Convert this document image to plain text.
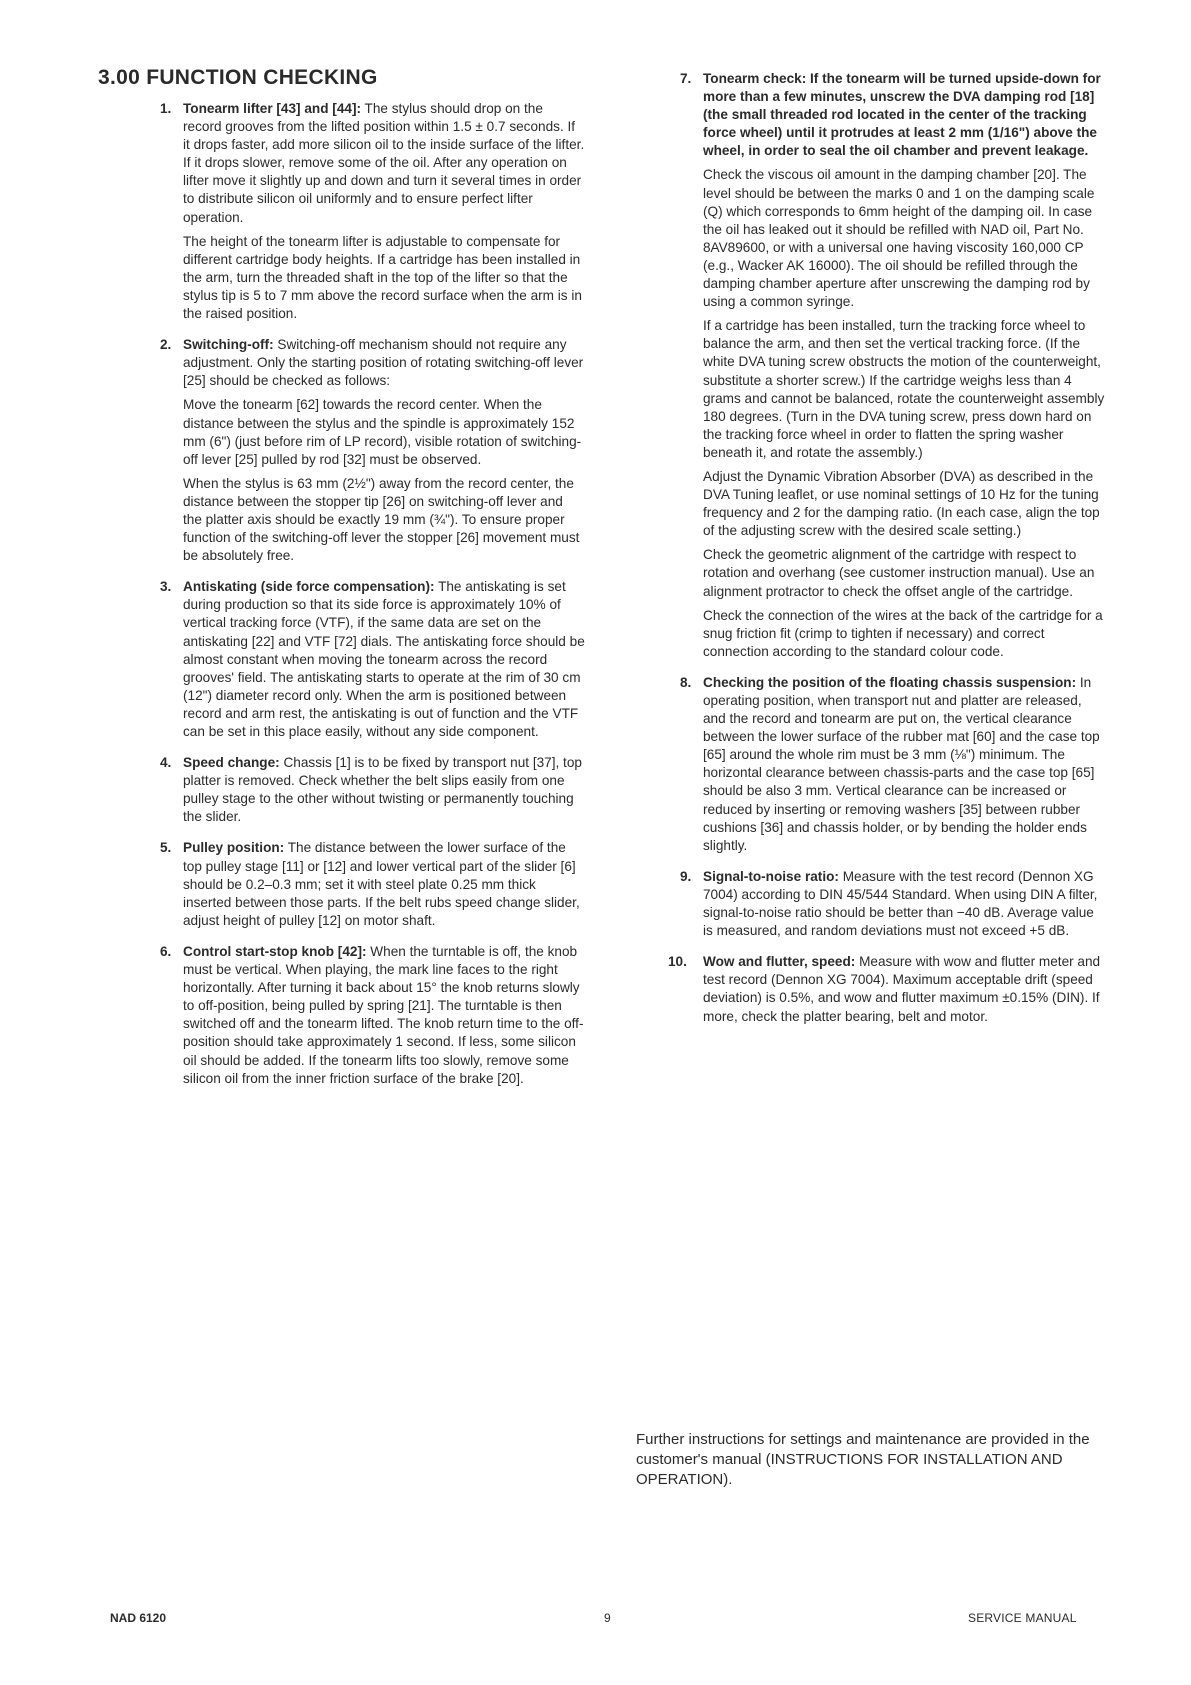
3.00 FUNCTION CHECKING
1. Tonearm lifter [43] and [44]: The stylus should drop on the record grooves from the lifted position within 1.5 ± 0.7 seconds. If it drops faster, add more silicon oil to the inside surface of the lifter. If it drops slower, remove some of the oil. After any operation on lifter move it slightly up and down and turn it several times in order to distribute silicon oil uniformly and to ensure perfect lifter operation.

The height of the tonearm lifter is adjustable to compensate for different cartridge body heights. If a cartridge has been installed in the arm, turn the threaded shaft in the top of the lifter so that the stylus tip is 5 to 7 mm above the record surface when the arm is in the raised position.

2. Switching-off: Switching-off mechanism should not require any adjustment. Only the starting position of rotating switching-off lever [25] should be checked as follows:

Move the tonearm [62] towards the record center. When the distance between the stylus and the spindle is approximately 152 mm (6") (just before rim of LP record), visible rotation of switching-off lever [25] pulled by rod [32] must be observed.

When the stylus is 63 mm (2½") away from the record center, the distance between the stopper tip [26] on switching-off lever and the platter axis should be exactly 19 mm (¾"). To ensure proper function of the switching-off lever the stopper [26] movement must be absolutely free.

3. Antiskating (side force compensation): The antiskating is set during production so that its side force is approximately 10% of vertical tracking force (VTF), if the same data are set on the antiskating [22] and VTF [72] dials. The antiskating force should be almost constant when moving the tonearm across the record grooves' field. The antiskating starts to operate at the rim of 30 cm (12") diameter record only. When the arm is positioned between record and arm rest, the antiskating is out of function and the VTF can be set in this place easily, without any side component.

4. Speed change: Chassis [1] is to be fixed by transport nut [37], top platter is removed. Check whether the belt slips easily from one pulley stage to the other without twisting or permanently touching the slider.

5. Pulley position: The distance between the lower surface of the top pulley stage [11] or [12] and lower vertical part of the slider [6] should be 0.2–0.3 mm; set it with steel plate 0.25 mm thick inserted between those parts. If the belt rubs speed change slider, adjust height of pulley [12] on motor shaft.

6. Control start-stop knob [42]: When the turntable is off, the knob must be vertical. When playing, the mark line faces to the right horizontally. After turning it back about 15° the knob returns slowly to off-position, being pulled by spring [21]. The turntable is then switched off and the tonearm lifted. The knob return time to the off-position should take approximately 1 second. If less, some silicon oil should be added. If the tonearm lifts too slowly, remove some silicon oil from the inner friction surface of the brake [20].

7. Tonearm check: If the tonearm will be turned upside-down for more than a few minutes, unscrew the DVA damping rod [18] (the small threaded rod located in the center of the tracking force wheel) until it protrudes at least 2 mm (1/16") above the wheel, in order to seal the oil chamber and prevent leakage.

Check the viscous oil amount in the damping chamber [20]. The level should be between the marks 0 and 1 on the damping scale (Q) which corresponds to 6mm height of the damping oil. In case the oil has leaked out it should be refilled with NAD oil, Part No. 8AV89600, or with a universal one having viscosity 160,000 CP (e.g., Wacker AK 16000). The oil should be refilled through the damping chamber aperture after unscrewing the damping rod by using a common syringe.

If a cartridge has been installed, turn the tracking force wheel to balance the arm, and then set the vertical tracking force. (If the white DVA tuning screw obstructs the motion of the counterweight, substitute a shorter screw.) If the cartridge weighs less than 4 grams and cannot be balanced, rotate the counterweight assembly 180 degrees. (Turn in the DVA tuning screw, press down hard on the tracking force wheel in order to flatten the spring washer beneath it, and rotate the assembly.)

Adjust the Dynamic Vibration Absorber (DVA) as described in the DVA Tuning leaflet, or use nominal settings of 10 Hz for the tuning frequency and 2 for the damping ratio. (In each case, align the top of the adjusting screw with the desired scale setting.)

Check the geometric alignment of the cartridge with respect to rotation and overhang (see customer instruction manual). Use an alignment protractor to check the offset angle of the cartridge.

Check the connection of the wires at the back of the cartridge for a snug friction fit (crimp to tighten if necessary) and correct connection according to the standard colour code.

8. Checking the position of the floating chassis suspension: In operating position, when transport nut and platter are released, and the record and tonearm are put on, the vertical clearance between the lower surface of the rubber mat [60] and the case top [65] around the whole rim must be 3 mm (⅛") minimum. The horizontal clearance between chassis-parts and the case top [65] should be also 3 mm. Vertical clearance can be increased or reduced by inserting or removing washers [35] between rubber cushions [36] and chassis holder, or by bending the holder ends slightly.

9. Signal-to-noise ratio: Measure with the test record (Dennon XG 7004) according to DIN 45/544 Standard. When using DIN A filter, signal-to-noise ratio should be better than −40 dB. Average value is measured, and random deviations must not exceed +5 dB.

10. Wow and flutter, speed: Measure with wow and flutter meter and test record (Dennon XG 7004). Maximum acceptable drift (speed deviation) is 0.5%, and wow and flutter maximum ±0.15% (DIN). If more, check the platter bearing, belt and motor.

Further instructions for settings and maintenance are provided in the customer's manual (INSTRUCTIONS FOR INSTALLATION AND OPERATION).
NAD 6120	9	SERVICE MANUAL
